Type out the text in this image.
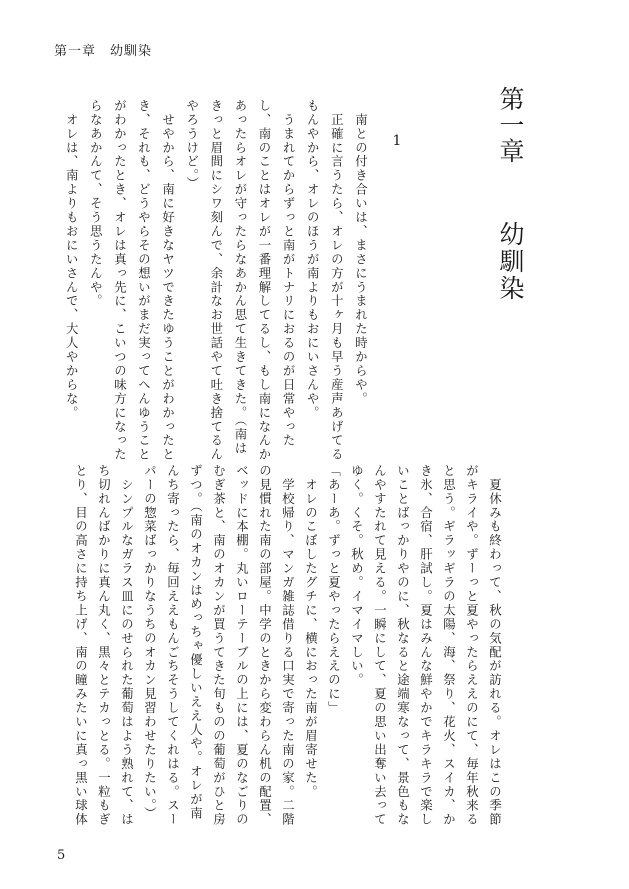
第一章　幼馴染
第一章 幼馴染
1
　南との付き合いは、まさにうまれた時からや。
　正確に言うたら、オレの方が十ヶ月も早う産声あげてる
もんやから、オレのほうが南よりもおにいさんや。
　うまれてからずっと南がトナリにおるのが日常やった
し、南のことはオレが一番理解してるし、もし南になんか
あったらオレが守ったらなあかん思て生きてきた。（南は
きっと眉間にシワ刻んで、余計なお世話やて吐き捨てるん
やろうけど。）
　せやから、南に好きなヤツできたゆうことがわかったと
き、それも、どうやらその想いがまだ実ってへんゆうこと
がわかったとき、オレは真っ先に、こいつの味方になった
らなあかんて、そう思うたんや。
　オレは、南よりもおにいさんで、大人やからな。
　夏休みも終わって、秋の気配が訪れる。オレはこの季節
がキライや。ずーっと夏やったらええのにて、毎年秋来る
と思う。ギラッギラの太陽、海、祭り、花火、スイカ、か
き氷、合宿、肝試し。夏はみんな鮮やかでキラキラで楽し
いことばっかりやのに、秋なると途端寒なって、景色もな
んやすたれて見える。一瞬にして、夏の思い出奪い去って
ゆく。くそ。秋め。イマイマしい。
「あーあ。ずっと夏やったらええのに」
　オレのこぼしたグチに、横におった南が眉寄せた。
　学校帰り、マンガ雑誌借りる口実で寄った南の家。二階
の見慣れた南の部屋。中学のときから変わらん机の配置、
ベッドに本棚。丸いローテーブルの上には、夏のなごりの
むぎ茶と、南のオカンが買うてきた旬ものの葡萄がひと房
ずつ。（南のオカンはめっちゃ優しいええ人や。オレが南
んち寄ったら、毎回ええもんごちそうしてくれはる。スー
パーの惣菜ばっかりなうちのオカン見習わせたりたい。）
　シンプルなガラス皿にのせられた葡萄はよう熟れて、は
ち切れんばかりに真ん丸く、黒々とテカっとる。一粒もぎ
とり、目の高さに持ち上げ、南の瞳みたいに真っ黒い球体
5
